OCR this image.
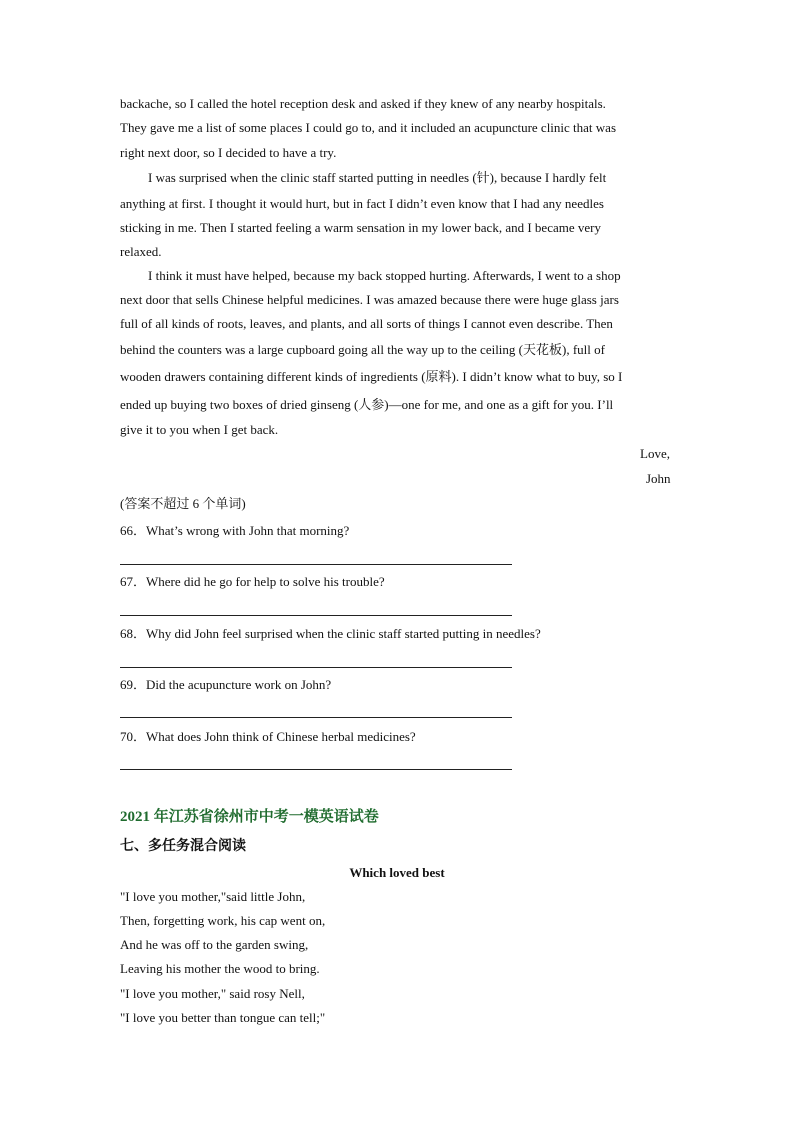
backache, so I called the hotel reception desk and asked if they knew of any nearby hospitals.
They gave me a list of some places I could go to, and it included an acupuncture clinic that was
right next door, so I decided to have a try.
I was surprised when the clinic staff started putting in needles (针), because I hardly felt
anything at first. I thought it would hurt, but in fact I didn’t even know that I had any needles
sticking in me. Then I started feeling a warm sensation in my lower back, and I became very
relaxed.
I think it must have helped, because my back stopped hurting. Afterwards, I went to a shop
next door that sells Chinese helpful medicines. I was amazed because there were huge glass jars
full of all kinds of roots, leaves, and plants, and all sorts of things I cannot even describe. Then
behind the counters was a large cupboard going all the way up to the ceiling (天花板), full of
wooden drawers containing different kinds of ingredients (原料). I didn’t know what to buy, so I
ended up buying two boxes of dried ginseng (人参)—one for me, and one as a gift for you. I’ll
give it to you when I get back.
Love,
John
(答案不超过 6 个单词)
66．What’s wrong with John that morning?
67．Where did he go for help to solve his trouble?
68．Why did John feel surprised when the clinic staff started putting in needles?
69．Did the acupuncture work on John?
70．What does John think of Chinese herbal medicines?
2021 年江苏省徐州市中考一模英语试卷
七、多任务混合阅读
Which loved best
"I love you mother,"said little John,
Then, forgetting work, his cap went on,
And he was off to the garden swing,
Leaving his mother the wood to bring.
"I love you mother," said rosy Nell,
"I love you better than tongue can tell;"
